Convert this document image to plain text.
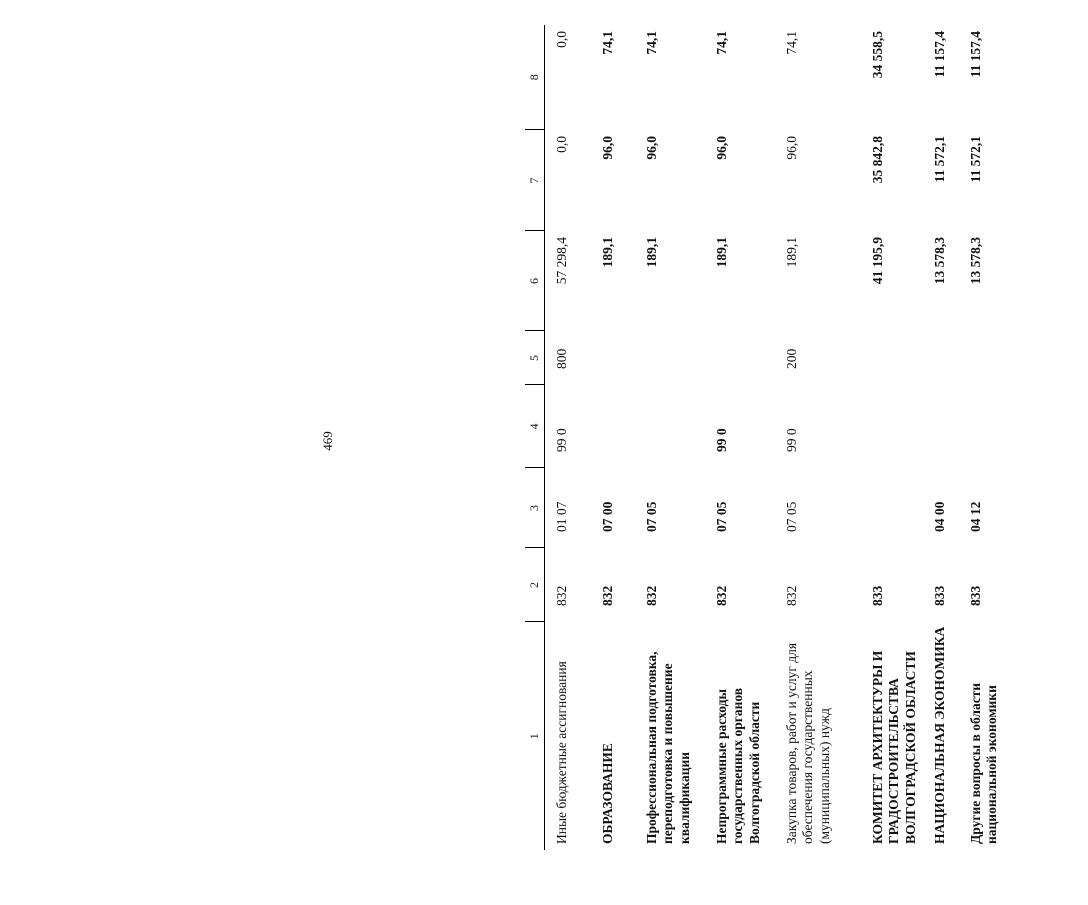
469
1	2	3	4	5	6	7	8
Иные бюджетные ассигнования	832	01 07	99 0	800	57 298,4	0,0	0,0
ОБРАЗОВАНИЕ	832	07 00			189,1	96,0	74,1
Профессиональная подготовка, переподготовка и повышение квалификации	832	07 05			189,1	96,0	74,1
Непрограммные расходы государственных органов Волгоградской области	832	07 05	99 0		189,1	96,0	74,1
Закупка товаров, работ и услуг для обеспечения государственных (муниципальных) нужд	832	07 05	99 0	200	189,1	96,0	74,1
КОМИТЕТ АРХИТЕКТУРЫ И ГРАДОСТРОИТЕЛЬСТВА ВОЛГОГРАДСКОЙ ОБЛАСТИ	833				41 195,9	35 842,8	34 558,5
НАЦИОНАЛЬНАЯ ЭКОНОМИКА	833	04 00			13 578,3	11 572,1	11 157,4
Другие вопросы в области национальной экономики	833	04 12			13 578,3	11 572,1	11 157,4
